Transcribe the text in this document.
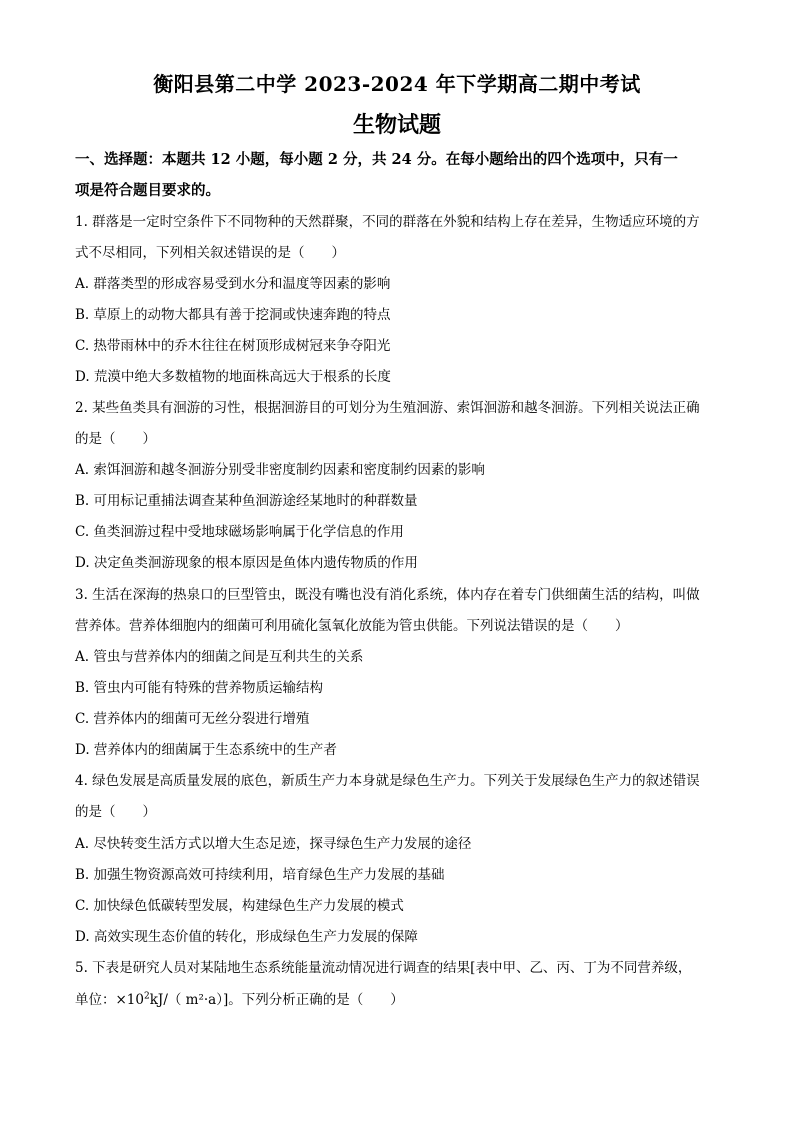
衡阳县第二中学 2023-2024 年下学期高二期中考试
生物试题
一、选择题：本题共 12 小题，每小题 2 分，共 24 分。在每小题给出的四个选项中，只有一
项是符合题目要求的。
1. 群落是一定时空条件下不同物种的天然群聚，不同的群落在外貌和结构上存在差异，生物适应环境的方
式不尽相同，下列相关叙述错误的是（　　）
A. 群落类型的形成容易受到水分和温度等因素的影响
B. 草原上的动物大都具有善于挖洞或快速奔跑的特点
C. 热带雨林中的乔木往往在树顶形成树冠来争夺阳光
D. 荒漠中绝大多数植物的地面株高远大于根系的长度
2. 某些鱼类具有洄游的习性，根据洄游目的可划分为生殖洄游、索饵洄游和越冬洄游。下列相关说法正确
的是（　　）
A. 索饵洄游和越冬洄游分别受非密度制约因素和密度制约因素的影响
B. 可用标记重捕法调查某种鱼洄游途经某地时的种群数量
C. 鱼类洄游过程中受地球磁场影响属于化学信息的作用
D. 决定鱼类洄游现象的根本原因是鱼体内遗传物质的作用
3. 生活在深海的热泉口的巨型管虫，既没有嘴也没有消化系统，体内存在着专门供细菌生活的结构，叫做
营养体。营养体细胞内的细菌可利用硫化氢氧化放能为管虫供能。下列说法错误的是（　　）
A. 管虫与营养体内的细菌之间是互利共生的关系
B. 管虫内可能有特殊的营养物质运输结构
C. 营养体内的细菌可无丝分裂进行增殖
D. 营养体内的细菌属于生态系统中的生产者
4. 绿色发展是高质量发展的底色，新质生产力本身就是绿色生产力。下列关于发展绿色生产力的叙述错误
的是（　　）
A. 尽快转变生活方式以增大生态足迹，探寻绿色生产力发展的途径
B. 加强生物资源高效可持续利用，培育绿色生产力发展的基础
C. 加快绿色低碳转型发展，构建绿色生产力发展的模式
D. 高效实现生态价值的转化，形成绿色生产力发展的保障
5. 下表是研究人员对某陆地生态系统能量流动情况进行调查的结果[表中甲、乙、丙、丁为不同营养级，
单位：$\times 10^2kJ/$（ m²·a）]。下列分析正确的是（　　）
